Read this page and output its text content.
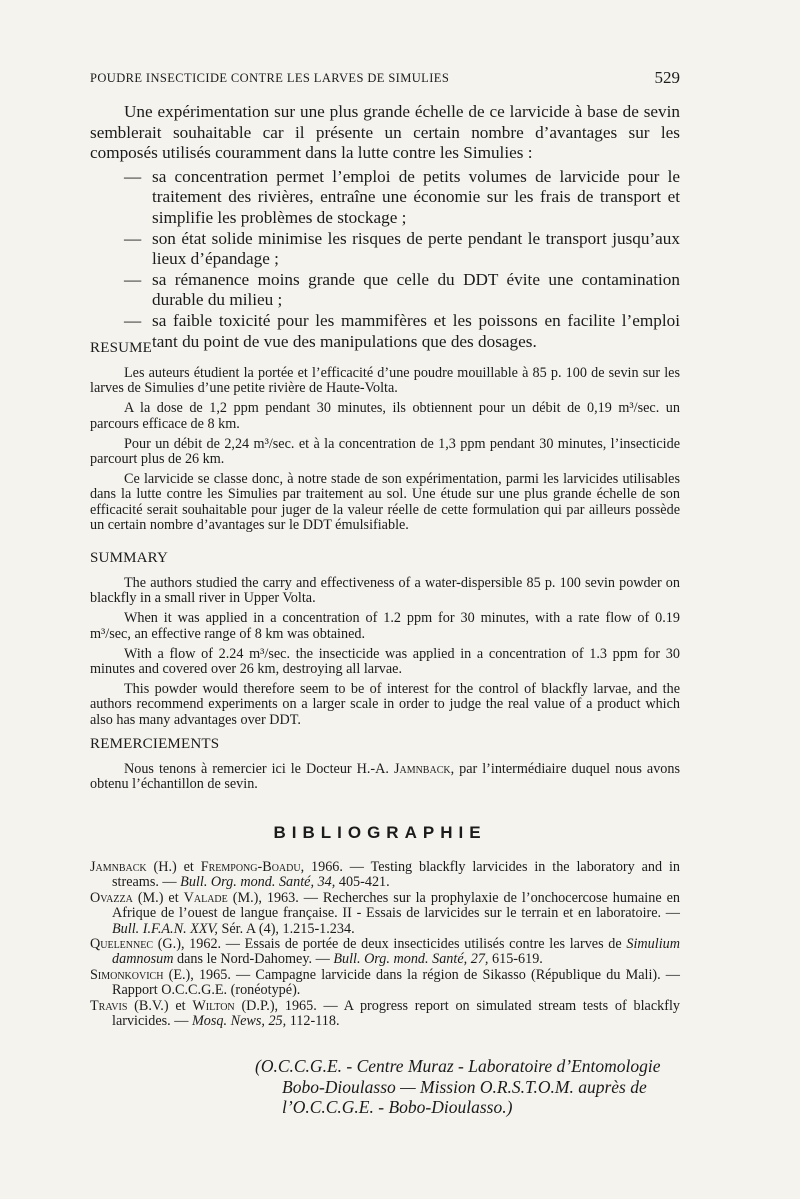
POUDRE INSECTICIDE CONTRE LES LARVES DE SIMULIES	529

Une expérimentation sur une plus grande échelle de ce larvicide à base de sevin semblerait souhaitable car il présente un certain nombre d’avantages sur les composés utilisés couramment dans la lutte contre les Simulies :

— sa concentration permet l’emploi de petits volumes de larvicide pour le traitement des rivières, entraîne une économie sur les frais de transport et simplifie les problèmes de stockage ;
— son état solide minimise les risques de perte pendant le transport jusqu’aux lieux d’épandage ;
— sa rémanence moins grande que celle du DDT évite une contamination durable du milieu ;
— sa faible toxicité pour les mammifères et les poissons en facilite l’emploi tant du point de vue des manipulations que des dosages.
RESUME

Les auteurs étudient la portée et l’efficacité d’une poudre mouillable à 85 p. 100 de sevin sur les larves de Simulies d’une petite rivière de Haute-Volta.

A la dose de 1,2 ppm pendant 30 minutes, ils obtiennent pour un débit de 0,19 m³/sec. un parcours efficace de 8 km.

Pour un débit de 2,24 m³/sec. et à la concentration de 1,3 ppm pendant 30 minutes, l’insecticide parcourt plus de 26 km.

Ce larvicide se classe donc, à notre stade de son expérimentation, parmi les larvicides utilisables dans la lutte contre les Simulies par traitement au sol. Une étude sur une plus grande échelle de son efficacité serait souhaitable pour juger de la valeur réelle de cette formulation qui par ailleurs possède un certain nombre d’avantages sur le DDT émulsifiable.

SUMMARY

The authors studied the carry and effectiveness of a water-dispersible 85 p. 100 sevin powder on blackfly in a small river in Upper Volta.

When it was applied in a concentration of 1.2 ppm for 30 minutes, with a rate flow of 0.19 m³/sec, an effective range of 8 km was obtained.

With a flow of 2.24 m³/sec. the insecticide was applied in a concentration of 1.3 ppm for 30 minutes and covered over 26 km, destroying all larvae.

This powder would therefore seem to be of interest for the control of blackfly larvae, and the authors recommend experiments on a larger scale in order to judge the real value of a product which also has many advantages over DDT.

REMERCIEMENTS

Nous tenons à remercier ici le Docteur H.-A. Jamnback, par l’intermédiaire duquel nous avons obtenu l’échantillon de sevin.

BIBLIOGRAPHIE

Jamnback (H.) et Frempong-Boadu, 1966. — Testing blackfly larvicides in the laboratory and in streams. — Bull. Org. mond. Santé, 34, 405-421.

Ovazza (M.) et Valade (M.), 1963. — Recherches sur la prophylaxie de l’onchocercose humaine en Afrique de l’ouest de langue française. II - Essais de larvicides sur le terrain et en laboratoire. — Bull. I.F.A.N. XXV, Sér. A (4), 1.215-1.234.

Quelennec (G.), 1962. — Essais de portée de deux insecticides utilisés contre les larves de Simulium damnosum dans le Nord-Dahomey. — Bull. Org. mond. Santé, 27, 615-619.

Simonkovich (E.), 1965. — Campagne larvicide dans la région de Sikasso (République du Mali). — Rapport O.C.C.G.E. (ronéotypé).

Travis (B.V.) et Wilton (D.P.), 1965. — A progress report on simulated stream tests of blackfly larvicides. — Mosq. News, 25, 112-118.

(O.C.C.G.E. - Centre Muraz - Laboratoire d’Entomologie
Bobo-Dioulasso — Mission O.R.S.T.O.M. auprès de
l’O.C.C.G.E. - Bobo-Dioulasso.)
